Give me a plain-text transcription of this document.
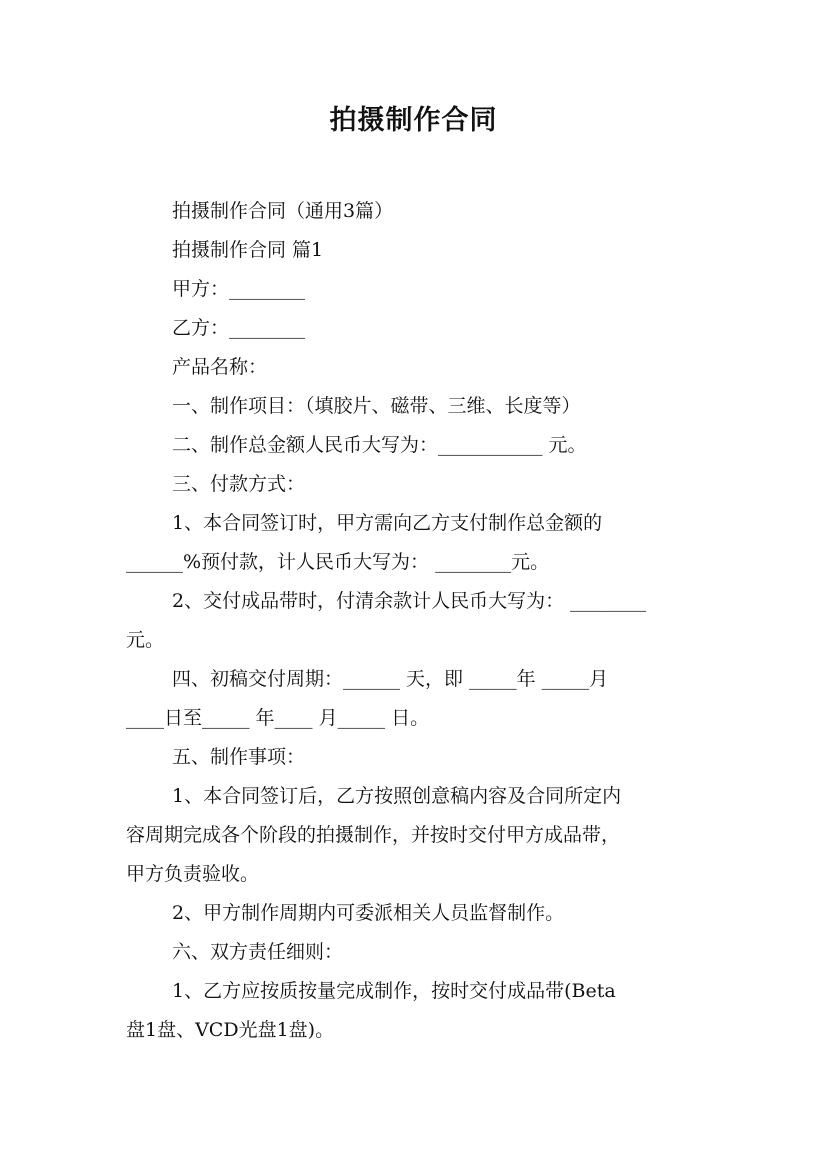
拍摄制作合同
拍摄制作合同（通用3篇）
拍摄制作合同 篇1
甲方：________
乙方：________
产品名称：
一、制作项目：（填胶片、磁带、三维、长度等）
二、制作总金额人民币大写为：___________ 元。
三、付款方式：
1、本合同签订时，甲方需向乙方支付制作总金额的
______%预付款，计人民币大写为： ________元。
2、交付成品带时，付清余款计人民币大写为： ________
元。
四、初稿交付周期：______ 天，即 _____年 _____月
____日至_____ 年____ 月_____ 日。
五、制作事项：
1、本合同签订后，乙方按照创意稿内容及合同所定内
容周期完成各个阶段的拍摄制作，并按时交付甲方成品带，
甲方负责验收。
2、甲方制作周期内可委派相关人员监督制作。
六、双方责任细则：
1、乙方应按质按量完成制作，按时交付成品带(Beta
盘1盘、VCD光盘1盘)。
